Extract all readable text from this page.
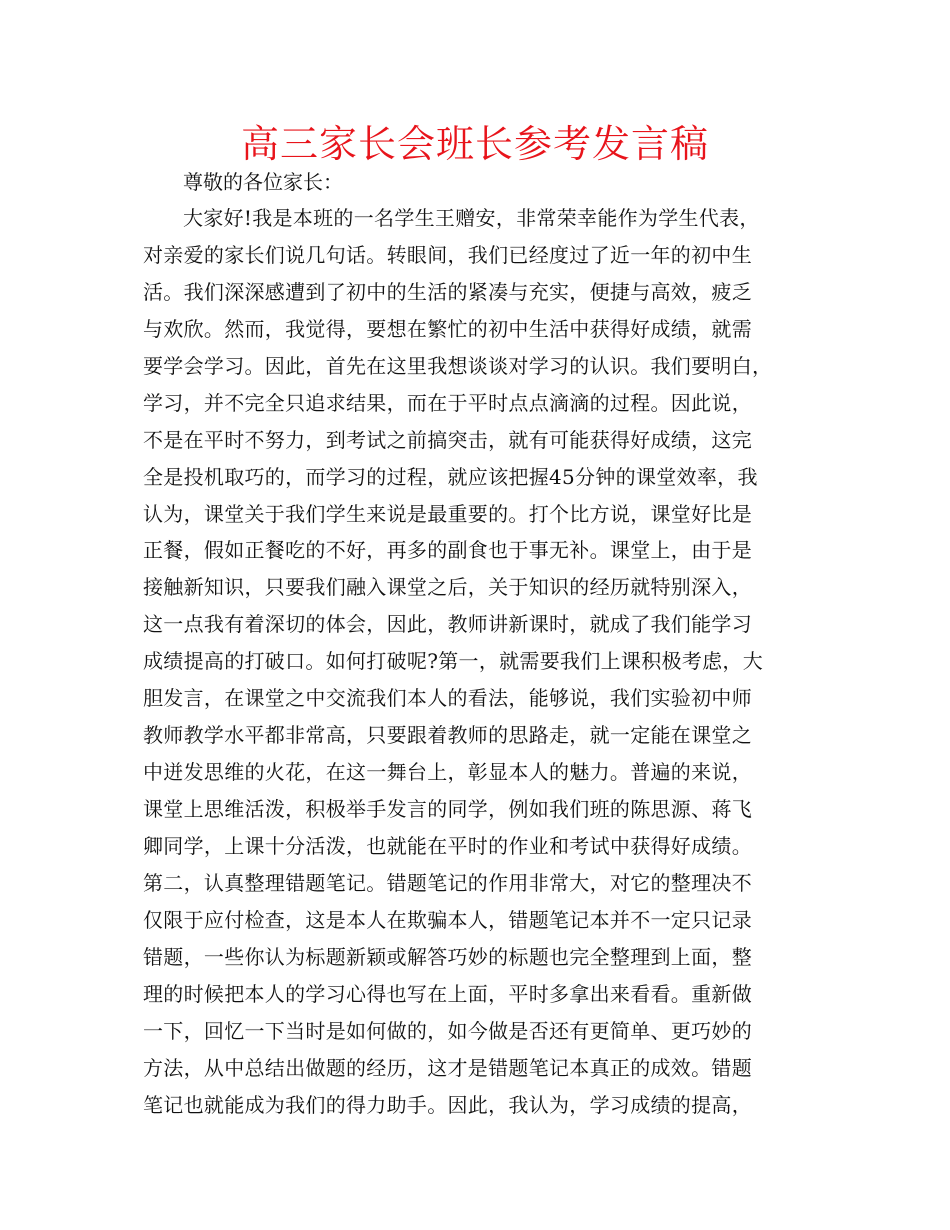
高三家长会班长参考发言稿

尊敬的各位家长：

大家好!我是本班的一名学生王赠安，非常荣幸能作为学生代表，
对亲爱的家长们说几句话。转眼间，我们已经度过了近一年的初中生
活。我们深深感遭到了初中的生活的紧凑与充实，便捷与高效，疲乏
与欢欣。然而，我觉得，要想在繁忙的初中生活中获得好成绩，就需
要学会学习。因此，首先在这里我想谈谈对学习的认识。我们要明白，
学习，并不完全只追求结果，而在于平时点点滴滴的过程。因此说，
不是在平时不努力，到考试之前搞突击，就有可能获得好成绩，这完
全是投机取巧的，而学习的过程，就应该把握45分钟的课堂效率，我
认为，课堂关于我们学生来说是最重要的。打个比方说，课堂好比是
正餐，假如正餐吃的不好，再多的副食也于事无补。课堂上，由于是
接触新知识，只要我们融入课堂之后，关于知识的经历就特别深入，
这一点我有着深切的体会，因此，教师讲新课时，就成了我们能学习
成绩提高的打破口。如何打破呢?第一，就需要我们上课积极考虑，大
胆发言，在课堂之中交流我们本人的看法，能够说，我们实验初中师
教师教学水平都非常高，只要跟着教师的思路走，就一定能在课堂之
中迸发思维的火花，在这一舞台上，彰显本人的魅力。普遍的来说，
课堂上思维活泼，积极举手发言的同学，例如我们班的陈思源、蒋飞
卿同学，上课十分活泼，也就能在平时的作业和考试中获得好成绩。
第二，认真整理错题笔记。错题笔记的作用非常大，对它的整理决不
仅限于应付检查，这是本人在欺骗本人，错题笔记本并不一定只记录
错题，一些你认为标题新颖或解答巧妙的标题也完全整理到上面，整
理的时候把本人的学习心得也写在上面，平时多拿出来看看。重新做
一下，回忆一下当时是如何做的，如今做是否还有更简单、更巧妙的
方法，从中总结出做题的经历，这才是错题笔记本真正的成效。错题
笔记也就能成为我们的得力助手。因此，我认为，学习成绩的提高，
